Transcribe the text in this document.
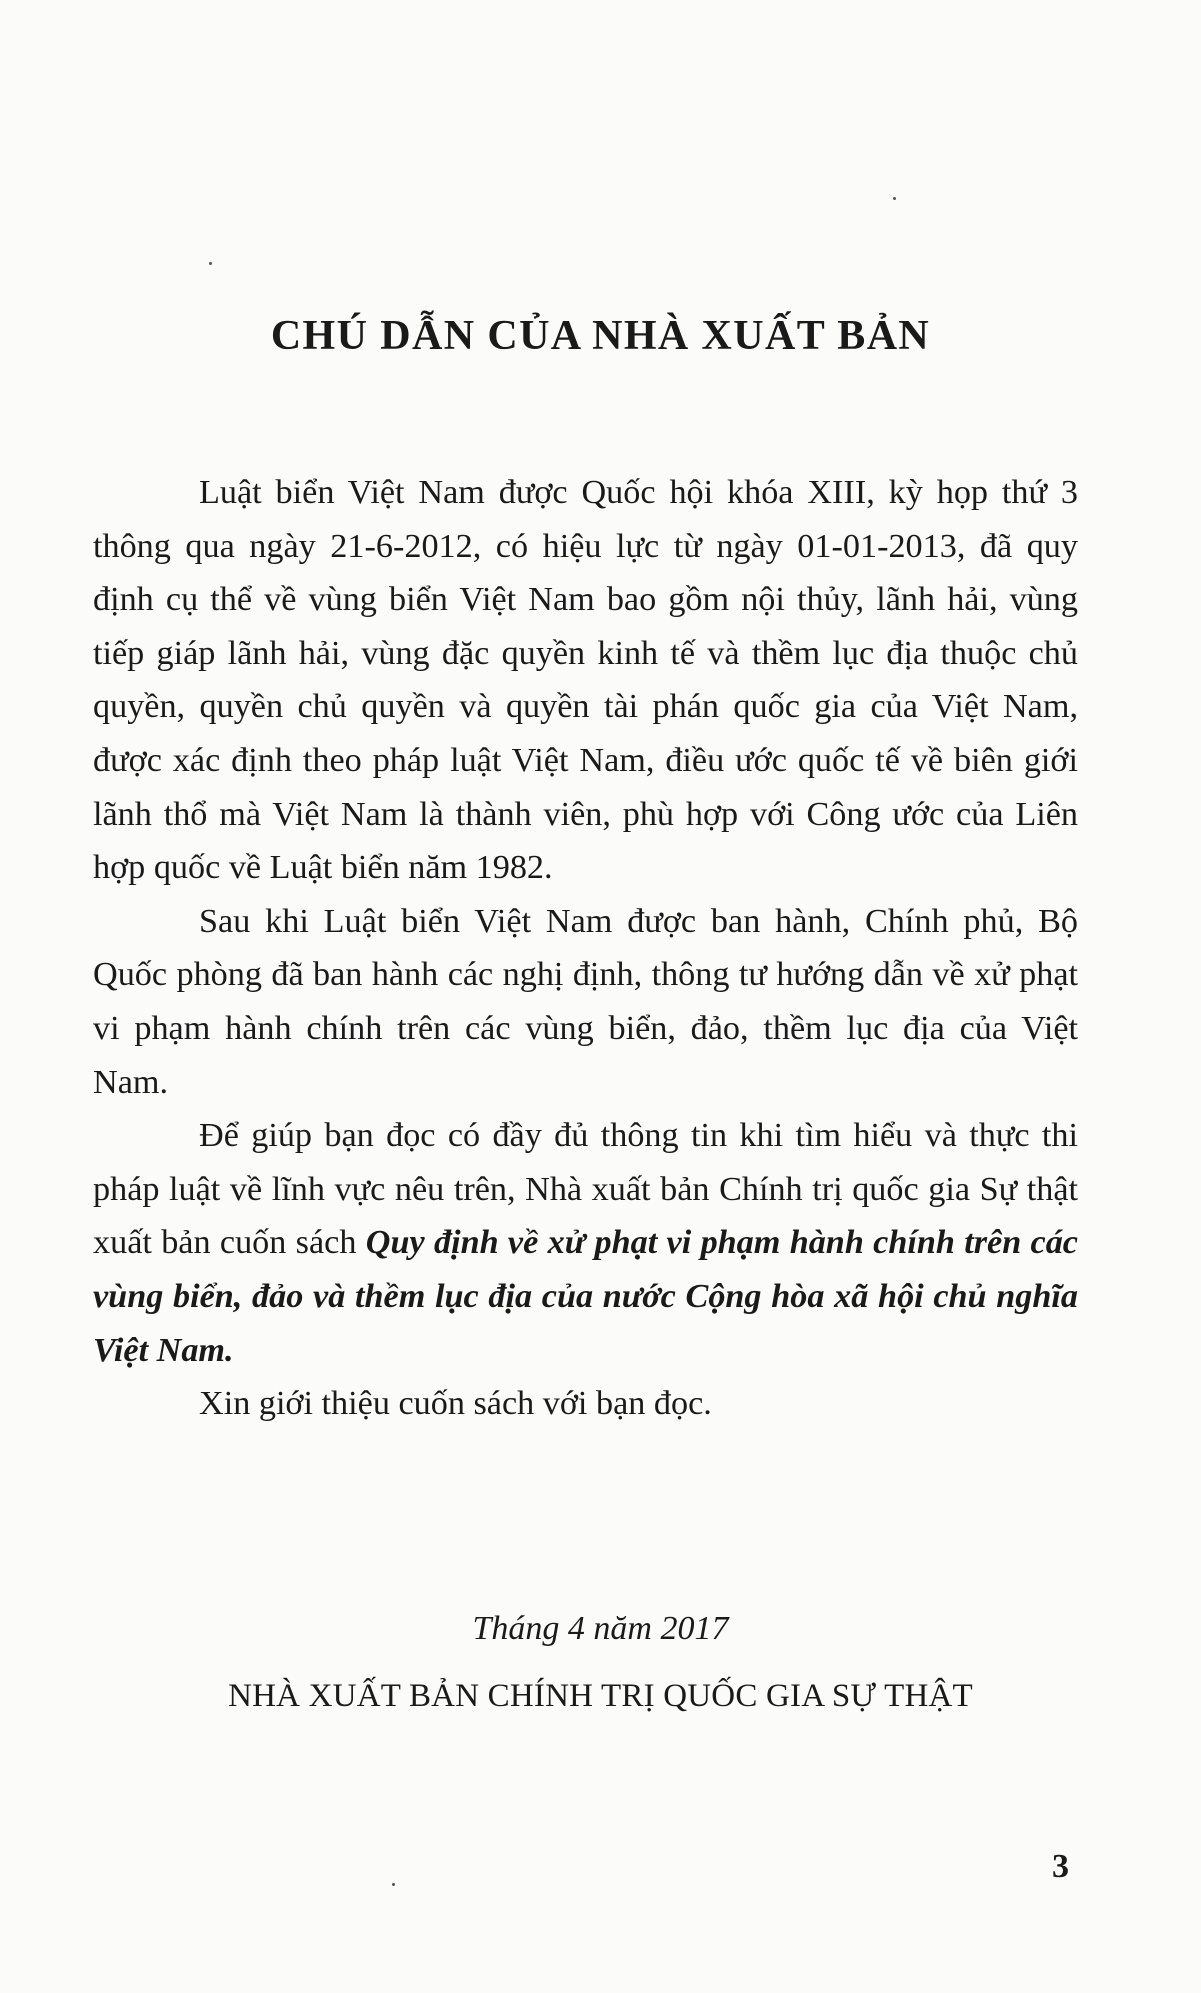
CHÚ DẪN CỦA NHÀ XUẤT BẢN

Luật biển Việt Nam được Quốc hội khóa XIII, kỳ họp thứ 3 thông qua ngày 21-6-2012, có hiệu lực từ ngày 01-01-2013, đã quy định cụ thể về vùng biển Việt Nam bao gồm nội thủy, lãnh hải, vùng tiếp giáp lãnh hải, vùng đặc quyền kinh tế và thềm lục địa thuộc chủ quyền, quyền chủ quyền và quyền tài phán quốc gia của Việt Nam, được xác định theo pháp luật Việt Nam, điều ước quốc tế về biên giới lãnh thổ mà Việt Nam là thành viên, phù hợp với Công ước của Liên hợp quốc về Luật biển năm 1982.

Sau khi Luật biển Việt Nam được ban hành, Chính phủ, Bộ Quốc phòng đã ban hành các nghị định, thông tư hướng dẫn về xử phạt vi phạm hành chính trên các vùng biển, đảo, thềm lục địa của Việt Nam.

Để giúp bạn đọc có đầy đủ thông tin khi tìm hiểu và thực thi pháp luật về lĩnh vực nêu trên, Nhà xuất bản Chính trị quốc gia Sự thật xuất bản cuốn sách Quy định về xử phạt vi phạm hành chính trên các vùng biển, đảo và thềm lục địa của nước Cộng hòa xã hội chủ nghĩa Việt Nam.

Xin giới thiệu cuốn sách với bạn đọc.

Tháng 4 năm 2017
NHÀ XUẤT BẢN CHÍNH TRỊ QUỐC GIA SỰ THẬT
3
